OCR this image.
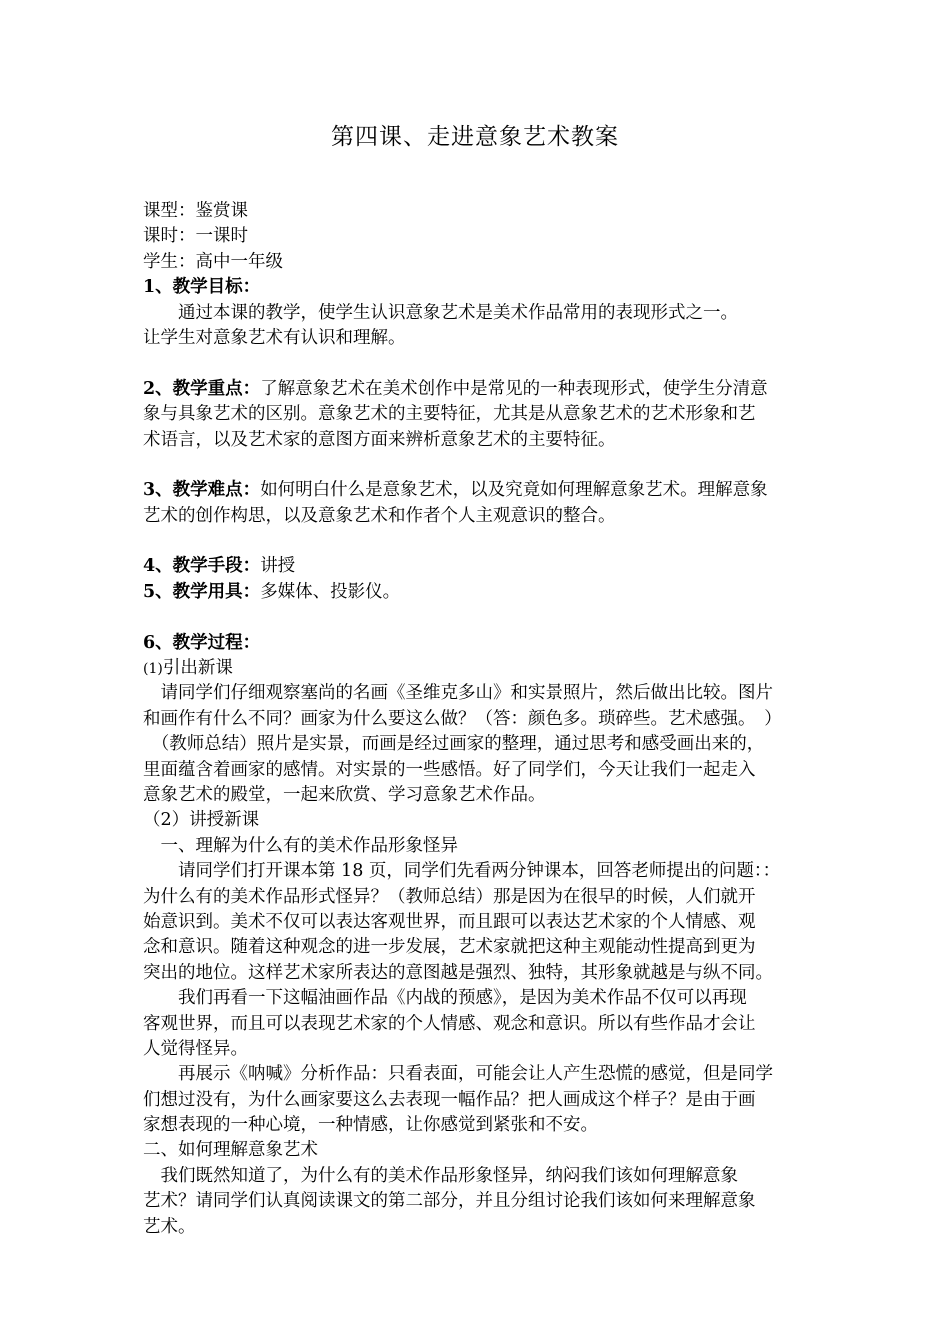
第四课、走进意象艺术教案
课型：鉴赏课
课时：一课时
学生：高中一年级
1、教学目标：
　　通过本课的教学，使学生认识意象艺术是美术作品常用的表现形式之一。
让学生对意象艺术有认识和理解。
2、教学重点：了解意象艺术在美术创作中是常见的一种表现形式，使学生分清意
象与具象艺术的区别。意象艺术的主要特征，尤其是从意象艺术的艺术形象和艺
术语言，以及艺术家的意图方面来辨析意象艺术的主要特征。
3、教学难点：如何明白什么是意象艺术，以及究竟如何理解意象艺术。理解意象
艺术的创作构思，以及意象艺术和作者个人主观意识的整合。
4、教学手段：讲授
5、教学用具：多媒体、投影仪。
6、教学过程：
(1)引出新课
　请同学们仔细观察塞尚的名画《圣维克多山》和实景照片，然后做出比较。图片
和画作有什么不同？画家为什么要这么做？（答：颜色多。琐碎些。艺术感强。　）
　（教师总结）照片是实景，而画是经过画家的整理，通过思考和感受画出来的，
里面蕴含着画家的感情。对实景的一些感悟。好了同学们，今天让我们一起走入
意象艺术的殿堂，一起来欣赏、学习意象艺术作品。
（2）讲授新课
　一、理解为什么有的美术作品形象怪异
　　请同学们打开课本第 18 页，同学们先看两分钟课本，回答老师提出的问题：：
为什么有的美术作品形式怪异？（教师总结）那是因为在很早的时候，人们就开
始意识到。美术不仅可以表达客观世界，而且跟可以表达艺术家的个人情感、观
念和意识。随着这种观念的进一步发展，艺术家就把这种主观能动性提高到更为
突出的地位。这样艺术家所表达的意图越是强烈、独特，其形象就越是与纵不同。
　　我们再看一下这幅油画作品《内战的预感》，是因为美术作品不仅可以再现
客观世界，而且可以表现艺术家的个人情感、观念和意识。所以有些作品才会让
人觉得怪异。
　　再展示《呐喊》分析作品：只看表面，可能会让人产生恐慌的感觉，但是同学
们想过没有，为什么画家要这么去表现一幅作品？把人画成这个样子？是由于画
家想表现的一种心境，一种情感，让你感觉到紧张和不安。
二、如何理解意象艺术
　我们既然知道了，为什么有的美术作品形象怪异，纳闷我们该如何理解意象
艺术？请同学们认真阅读课文的第二部分，并且分组讨论我们该如何来理解意象
艺术。
